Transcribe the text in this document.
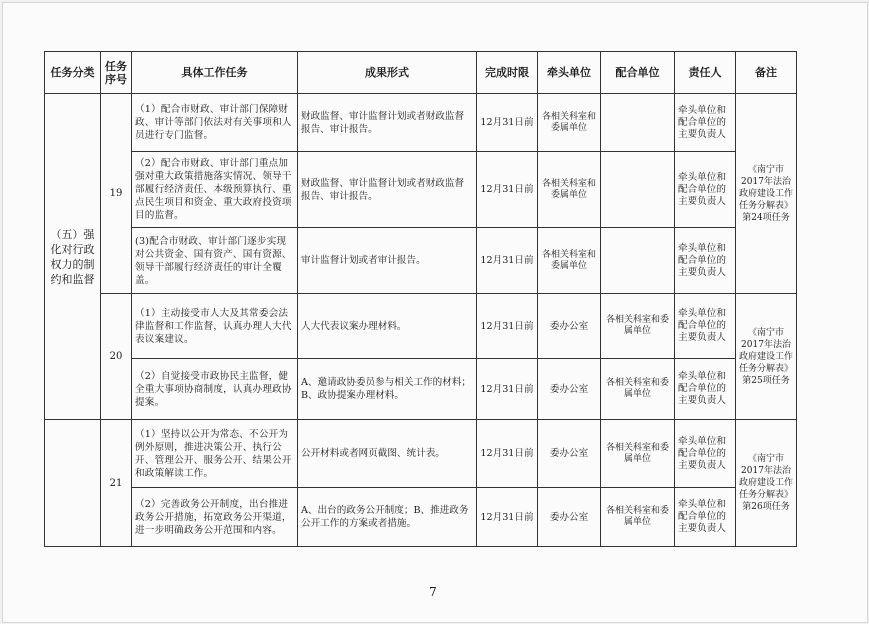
任务分类	任务序号	具体工作任务	成果形式	完成时限	牵头单位	配合单位	责任人	备注
（五）强化对行政权力的制约和监督	19	（1）配合市财政、审计部门保障财政、审计等部门依法对有关事项和人员进行专门监督。	财政监督、审计监督计划或者财政监督报告、审计报告。	12月31日前	各相关科室和委属单位		牵头单位和配合单位的主要负责人	《南宁市2017年法治政府建设工作任务分解表》第24项任务
		（2）配合市财政、审计部门重点加强对重大政策措施落实情况、领导干部履行经济责任、本级预算执行、重点民生项目和资金、重大政府投资项目的监督。	财政监督、审计监督计划或者财政监督报告、审计报告。	12月31日前	各相关科室和委属单位		牵头单位和配合单位的主要负责人	
		(3)配合市财政、审计部门逐步实现对公共资金、国有资产、国有资源、领导干部履行经济责任的审计全覆盖。	审计监督计划或者审计报告。	12月31日前	各相关科室和委属单位		牵头单位和配合单位的主要负责人	
	20	（1）主动接受市人大及其常委会法律监督和工作监督，认真办理人大代表议案建议。	人大代表议案办理材料。	12月31日前	委办公室	各相关科室和委属单位	牵头单位和配合单位的主要负责人	《南宁市2017年法治政府建设工作任务分解表》第25项任务
		（2）自觉接受市政协民主监督，健全重大事项协商制度，认真办理政协提案。	A、邀请政协委员参与相关工作的材料；B、政协提案办理材料。	12月31日前	委办公室	各相关科室和委属单位	牵头单位和配合单位的主要负责人	
	21	（1）坚持以公开为常态、不公开为例外原则，推进决策公开、执行公开、管理公开、服务公开、结果公开和政策解读工作。	公开材料或者网页截图、统计表。	12月31日前	委办公室	各相关科室和委属单位	牵头单位和配合单位的主要负责人	《南宁市2017年法治政府建设工作任务分解表》第26项任务
		（2）完善政务公开制度，出台推进政务公开措施，拓宽政务公开渠道，进一步明确政务公开范围和内容。	A、出台的政务公开制度；B、推进政务公开工作的方案或者措施。	12月31日前	委办公室	各相关科室和委属单位	牵头单位和配合单位的主要负责人	
7
